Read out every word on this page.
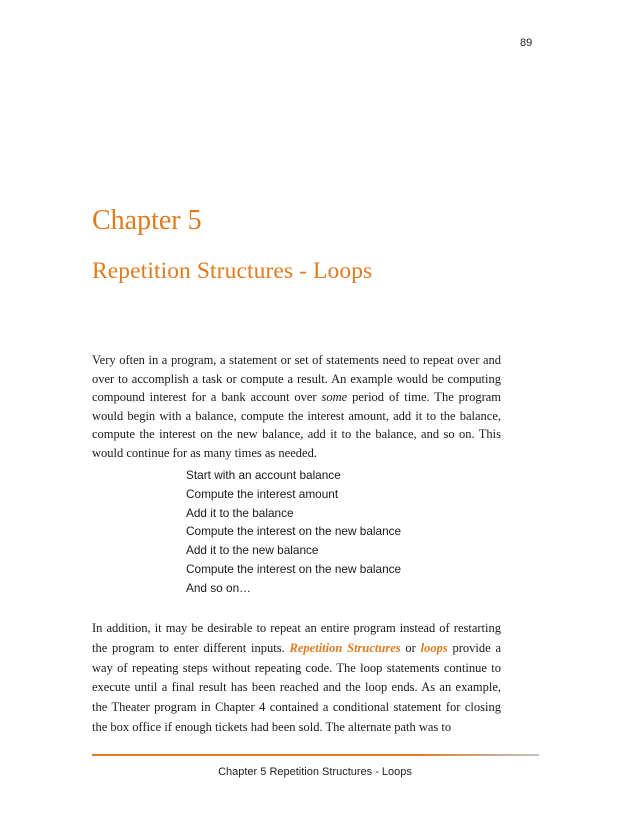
89
Chapter 5
Repetition Structures - Loops

Very often in a program, a statement or set of statements need to repeat over and over to accomplish a task or compute a result. An example would be computing compound interest for a bank account over some period of time. The program would begin with a balance, compute the interest amount, add it to the balance, compute the interest on the new balance, add it to the balance, and so on. This would continue for as many times as needed.

Start with an account balance
Compute the interest amount
Add it to the balance
Compute the interest on the new balance
Add it to the new balance
Compute the interest on the new balance
And so on…

In addition, it may be desirable to repeat an entire program instead of restarting the program to enter different inputs. Repetition Structures or loops provide a way of repeating steps without repeating code. The loop statements continue to execute until a final result has been reached and the loop ends. As an example, the Theater program in Chapter 4 contained a conditional statement for closing the box office if enough tickets had been sold. The alternate path was to

Chapter 5 Repetition Structures - Loops
